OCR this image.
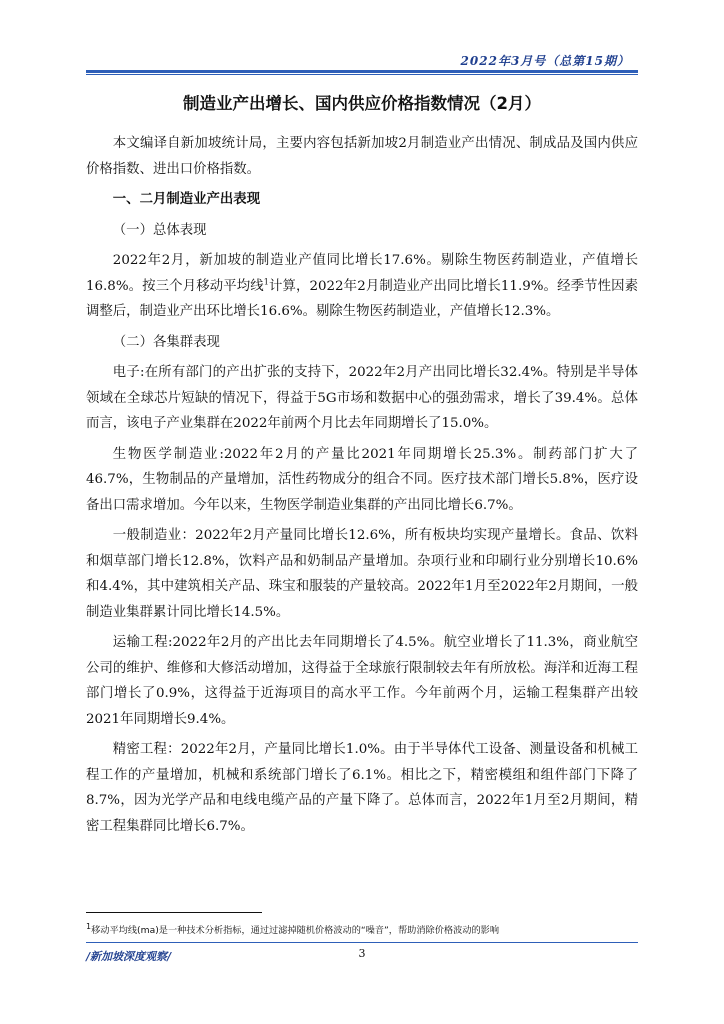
2022年3月号（总第15期）
制造业产出增长、国内供应价格指数情况（2月）

本文编译自新加坡统计局，主要内容包括新加坡2月制造业产出情况、制成品及国内供应价格指数、进出口价格指数。

一、二月制造业产出表现

（一）总体表现

2022年2月，新加坡的制造业产值同比增长17.6%。剔除生物医药制造业，产值增长16.8%。按三个月移动平均线$^1$计算，2022年2月制造业产出同比增长11.9%。经季节性因素调整后，制造业产出环比增长16.6%。剔除生物医药制造业，产值增长12.3%。

（二）各集群表现

电子:在所有部门的产出扩张的支持下，2022年2月产出同比增长32.4%。特别是半导体领域在全球芯片短缺的情况下，得益于5G市场和数据中心的强劲需求，增长了39.4%。总体而言，该电子产业集群在2022年前两个月比去年同期增长了15.0%。

生物医学制造业:2022年2月的产量比2021年同期增长25.3%。制药部门扩大了46.7%，生物制品的产量增加，活性药物成分的组合不同。医疗技术部门增长5.8%，医疗设备出口需求增加。今年以来，生物医学制造业集群的产出同比增长6.7%。

一般制造业：2022年2月产量同比增长12.6%，所有板块均实现产量增长。食品、饮料和烟草部门增长12.8%，饮料产品和奶制品产量增加。杂项行业和印刷行业分别增长10.6%和4.4%，其中建筑相关产品、珠宝和服装的产量较高。2022年1月至2022年2月期间，一般制造业集群累计同比增长14.5%。

运输工程:2022年2月的产出比去年同期增长了4.5%。航空业增长了11.3%，商业航空公司的维护、维修和大修活动增加，这得益于全球旅行限制较去年有所放松。海洋和近海工程部门增长了0.9%，这得益于近海项目的高水平工作。今年前两个月，运输工程集群产出较2021年同期增长9.4%。

精密工程：2022年2月，产量同比增长1.0%。由于半导体代工设备、测量设备和机械工程工作的产量增加，机械和系统部门增长了6.1%。相比之下，精密模组和组件部门下降了8.7%，因为光学产品和电线电缆产品的产量下降了。总体而言，2022年1月至2月期间，精密工程集群同比增长6.7%。

$^1$移动平均线(ma)是一种技术分析指标，通过过滤掉随机价格波动的“噪音”，帮助消除价格波动的影响
/新加坡深度观察/	3
